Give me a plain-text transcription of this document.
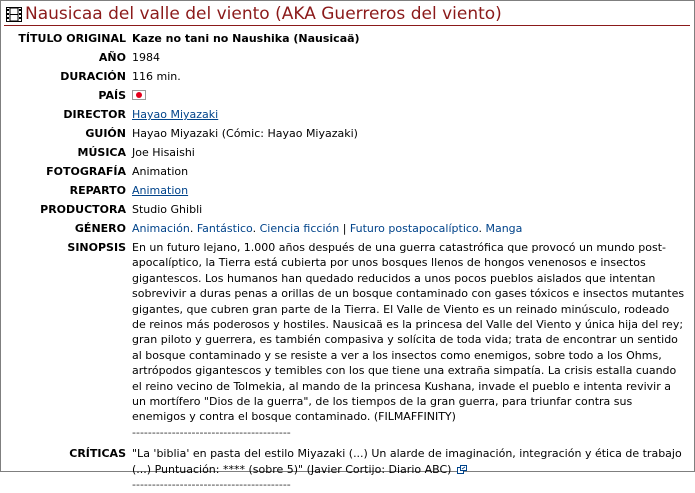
Nausicaa del valle del viento (AKA Guerreros del viento)
TÍTULO ORIGINAL	Kaze no tani no Naushika (Nausicaä)
AÑO	1984
DURACIÓN	116 min.
PAÍS	

DIRECTOR	Hayao Miyazaki
GUIÓN	Hayao Miyazaki (Cómic: Hayao Miyazaki)
MÚSICA	Joe Hisaishi
FOTOGRAFÍA	Animation
REPARTO	Animation
PRODUCTORA	Studio Ghibli
GÉNERO	Animación. Fantástico. Ciencia ficción | Futuro postapocalíptico. Manga
SINOPSIS	En un futuro lejano, 1.000 años después de una guerra catastrófica que provocó un mundo post-apocalíptico, la Tierra está cubierta por unos bosques llenos de hongos venenosos e insectos gigantescos. Los humanos han quedado reducidos a unos pocos pueblos aislados que intentan sobrevivir a duras penas a orillas de un bosque contaminado con gases tóxicos e insectos mutantes gigantes, que cubren gran parte de la Tierra. El Valle de Viento es un reinado minúsculo, rodeado de reinos más poderosos y hostiles. Nausicaä es la princesa del Valle del Viento y única hija del rey; gran piloto y guerrera, es también compasiva y solícita de toda vida; trata de encontrar un sentido al bosque contaminado y se resiste a ver a los insectos como enemigos, sobre todo a los Ohms, artrópodos gigantescos y temibles con los que tiene una extraña simpatía. La crisis estalla cuando el reino vecino de Tolmekia, al mando de la princesa Kushana, invade el pueblo e intenta revivir a un mortífero "Dios de la guerra", de los tiempos de la gran guerra, para triunfar contra sus enemigos y contra el bosque contaminado. (FILMAFFINITY)

----------------------------------------

CRÍTICAS	"La 'biblia' en pasta del estilo Miyazaki (...) Un alarde de imaginación, integración y ética de trabajo (...) Puntuación: **** (sobre 5)" (Javier Cortijo: Diario ABC)
----------------------------------------
